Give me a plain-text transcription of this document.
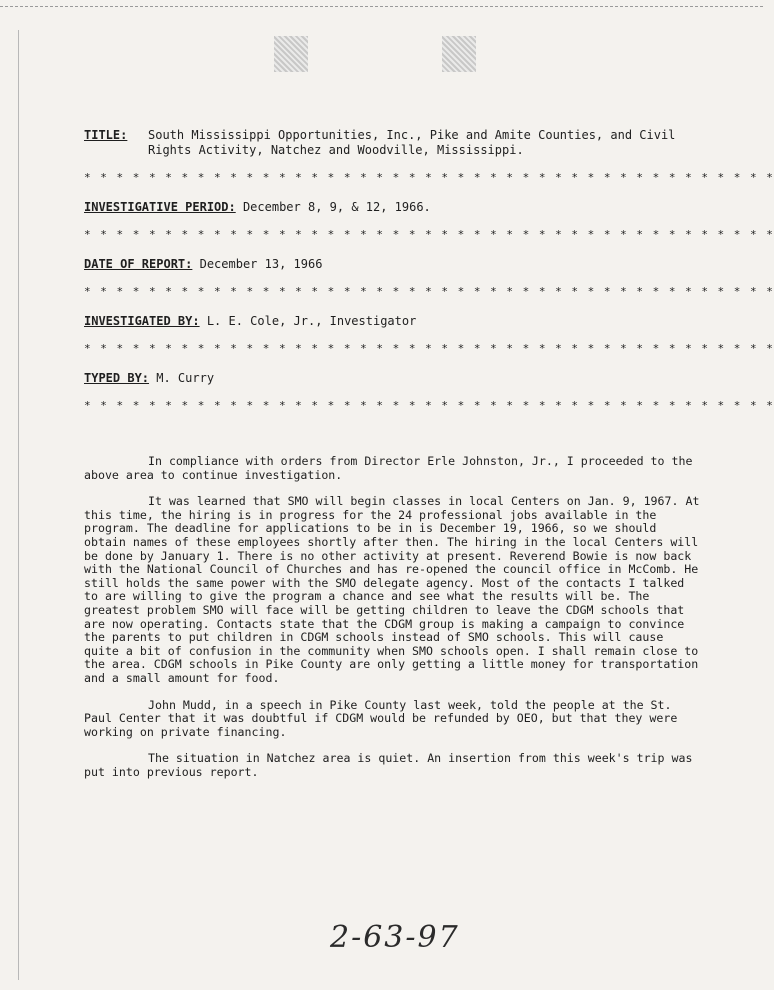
TITLE:	South Mississippi Opportunities, Inc., Pike and Amite Counties, and Civil Rights Activity, Natchez and Woodville, Mississippi.
* * * * * * * * * * * * * * * * * * * * * * * * * * * * * * * * * * * * * * * * * * *
INVESTIGATIVE PERIOD: December 8, 9, & 12, 1966.
* * * * * * * * * * * * * * * * * * * * * * * * * * * * * * * * * * * * * * * * * * *
DATE OF REPORT: December 13, 1966
* * * * * * * * * * * * * * * * * * * * * * * * * * * * * * * * * * * * * * * * * * *
INVESTIGATED BY: L. E. Cole, Jr., Investigator
* * * * * * * * * * * * * * * * * * * * * * * * * * * * * * * * * * * * * * * * * * *
TYPED BY: M. Curry
* * * * * * * * * * * * * * * * * * * * * * * * * * * * * * * * * * * * * * * * * * *

In compliance with orders from Director Erle Johnston, Jr., I proceeded to the above area to continue investigation.

It was learned that SMO will begin classes in local Centers on Jan. 9, 1967. At this time, the hiring is in progress for the 24 professional jobs available in the program. The deadline for applications to be in is December 19, 1966, so we should obtain names of these employees shortly after then. The hiring in the local Centers will be done by January 1. There is no other activity at present. Reverend Bowie is now back with the National Council of Churches and has re-opened the council office in McComb. He still holds the same power with the SMO delegate agency. Most of the contacts I talked to are willing to give the program a chance and see what the results will be. The greatest problem SMO will face will be getting children to leave the CDGM schools that are now operating. Contacts state that the CDGM group is making a campaign to convince the parents to put children in CDGM schools instead of SMO schools. This will cause quite a bit of confusion in the community when SMO schools open. I shall remain close to the area. CDGM schools in Pike County are only getting a little money for transportation and a small amount for food.

John Mudd, in a speech in Pike County last week, told the people at the St. Paul Center that it was doubtful if CDGM would be refunded by OEO, but that they were working on private financing.

The situation in Natchez area is quiet. An insertion from this week's trip was put into previous report.

2-63-97
